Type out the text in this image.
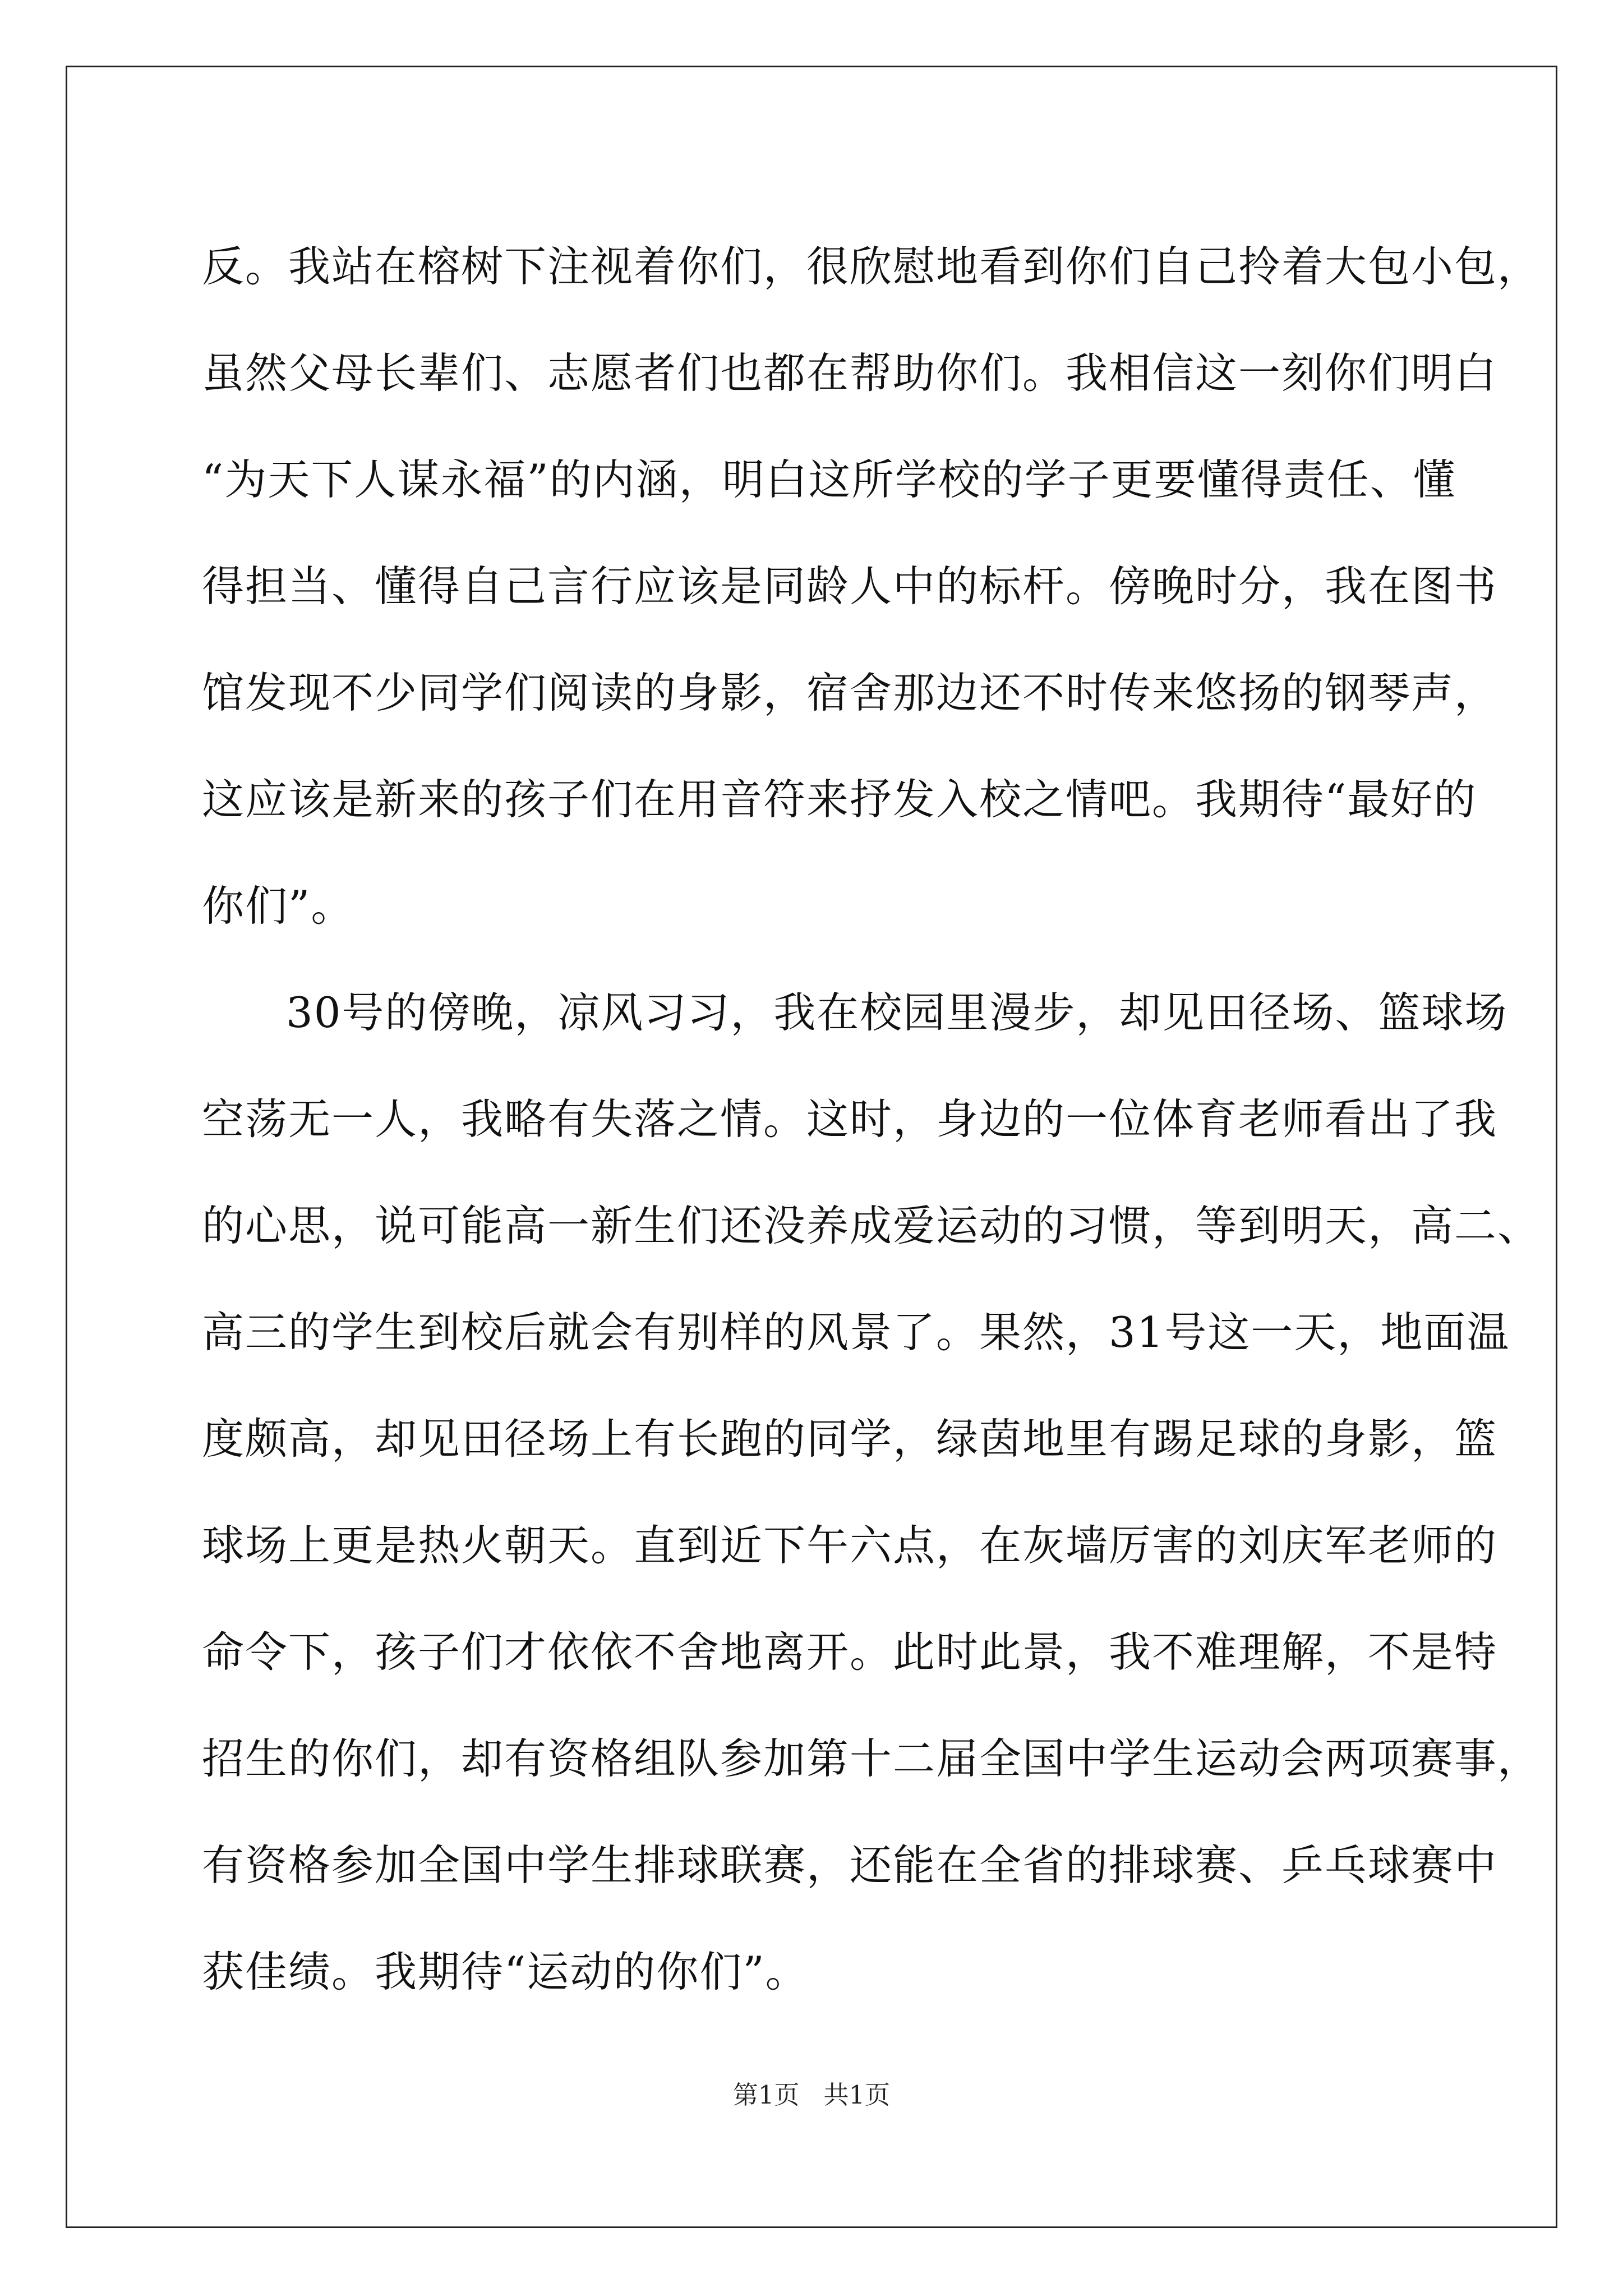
反。我站在榕树下注视着你们，很欣慰地看到你们自己拎着大包小包，

虽然父母长辈们、志愿者们也都在帮助你们。我相信这一刻你们明白

“为天下人谋永福”的内涵，明白这所学校的学子更要懂得责任、懂

得担当、懂得自己言行应该是同龄人中的标杆。傍晚时分，我在图书

馆发现不少同学们阅读的身影，宿舍那边还不时传来悠扬的钢琴声，

这应该是新来的孩子们在用音符来抒发入校之情吧。我期待“最好的

你们”。

30号的傍晚，凉风习习，我在校园里漫步，却见田径场、篮球场

空荡无一人，我略有失落之情。这时，身边的一位体育老师看出了我

的心思，说可能高一新生们还没养成爱运动的习惯，等到明天，高二、

高三的学生到校后就会有别样的风景了。果然，31号这一天，地面温

度颇高，却见田径场上有长跑的同学，绿茵地里有踢足球的身影，篮

球场上更是热火朝天。直到近下午六点，在灰墙厉害的刘庆军老师的

命令下，孩子们才依依不舍地离开。此时此景，我不难理解，不是特

招生的你们，却有资格组队参加第十二届全国中学生运动会两项赛事，

有资格参加全国中学生排球联赛，还能在全省的排球赛、乒乓球赛中

获佳绩。我期待“运动的你们”。

第1页 共1页
